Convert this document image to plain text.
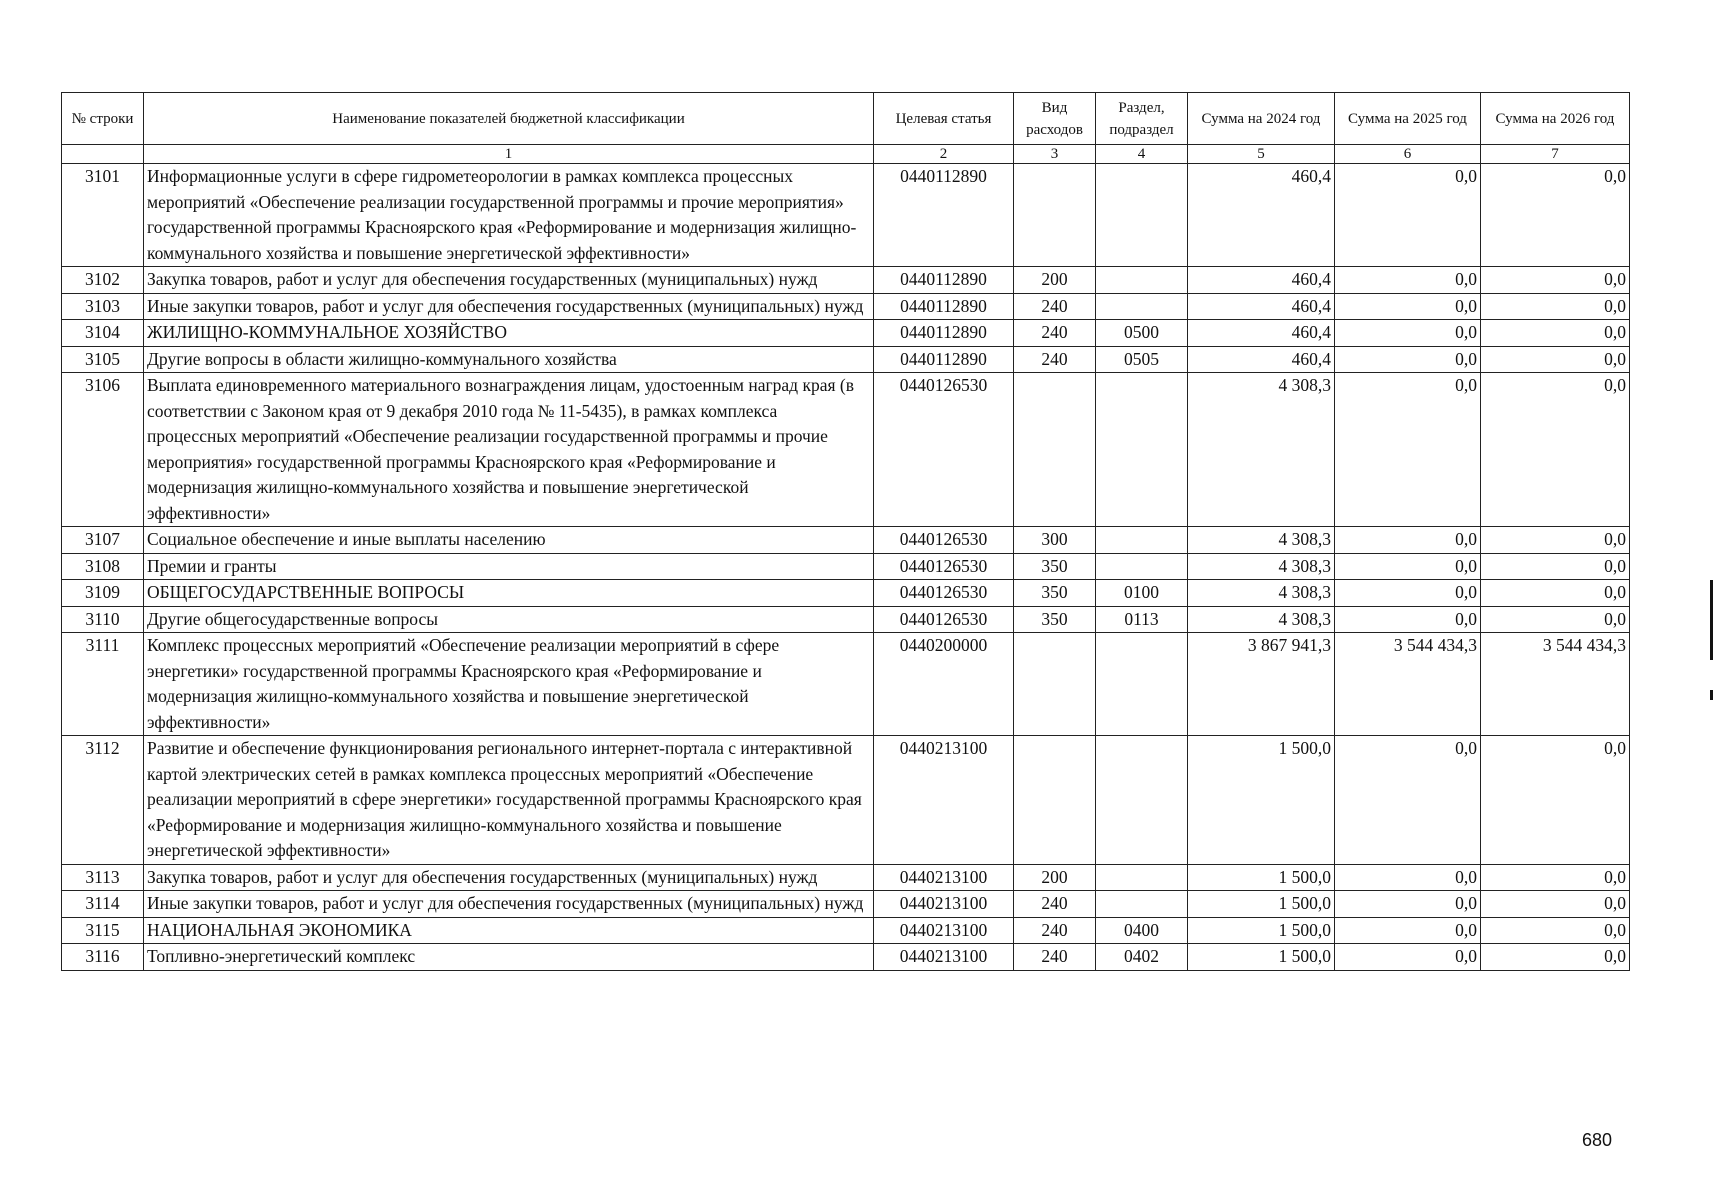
№ строки	Наименование показателей бюджетной классификации	Целевая статья	Вид расходов	Раздел, подраздел	Сумма на 2024 год	Сумма на 2025 год	Сумма на 2026 год
	1	2	3	4	5	6	7
3101	Информационные услуги в сфере гидрометеорологии в рамках комплекса процессных мероприятий «Обеспечение реализации государственной программы и прочие мероприятия» государственной программы Красноярского края «Реформирование и модернизация жилищно-коммунального хозяйства и повышение энергетической эффективности»	0440112890			460,4	0,0	0,0
3102	Закупка товаров, работ и услуг для обеспечения государственных (муниципальных) нужд	0440112890	200		460,4	0,0	0,0
3103	Иные закупки товаров, работ и услуг для обеспечения государственных (муниципальных) нужд	0440112890	240		460,4	0,0	0,0
3104	ЖИЛИЩНО-КОММУНАЛЬНОЕ ХОЗЯЙСТВО	0440112890	240	0500	460,4	0,0	0,0
3105	Другие вопросы в области жилищно-коммунального хозяйства	0440112890	240	0505	460,4	0,0	0,0
3106	Выплата единовременного материального вознаграждения лицам, удостоенным наград края (в соответствии с Законом края от 9 декабря 2010 года № 11-5435), в рамках комплекса процессных мероприятий «Обеспечение реализации государственной программы и прочие мероприятия» государственной программы Красноярского края «Реформирование и модернизация жилищно-коммунального хозяйства и повышение энергетической эффективности»	0440126530			4 308,3	0,0	0,0
3107	Социальное обеспечение и иные выплаты населению	0440126530	300		4 308,3	0,0	0,0
3108	Премии и гранты	0440126530	350		4 308,3	0,0	0,0
3109	ОБЩЕГОСУДАРСТВЕННЫЕ ВОПРОСЫ	0440126530	350	0100	4 308,3	0,0	0,0
3110	Другие общегосударственные вопросы	0440126530	350	0113	4 308,3	0,0	0,0
3111	Комплекс процессных мероприятий «Обеспечение реализации мероприятий в сфере энергетики» государственной программы Красноярского края «Реформирование и модернизация жилищно-коммунального хозяйства и повышение энергетической эффективности»	0440200000			3 867 941,3	3 544 434,3	3 544 434,3
3112	Развитие и обеспечение функционирования регионального интернет-портала с интерактивной картой электрических сетей в рамках комплекса процессных мероприятий «Обеспечение реализации мероприятий в сфере энергетики» государственной программы Красноярского края «Реформирование и модернизация жилищно-коммунального хозяйства и повышение энергетической эффективности»	0440213100			1 500,0	0,0	0,0
3113	Закупка товаров, работ и услуг для обеспечения государственных (муниципальных) нужд	0440213100	200		1 500,0	0,0	0,0
3114	Иные закупки товаров, работ и услуг для обеспечения государственных (муниципальных) нужд	0440213100	240		1 500,0	0,0	0,0
3115	НАЦИОНАЛЬНАЯ ЭКОНОМИКА	0440213100	240	0400	1 500,0	0,0	0,0
3116	Топливно-энергетический комплекс	0440213100	240	0402	1 500,0	0,0	0,0
680
